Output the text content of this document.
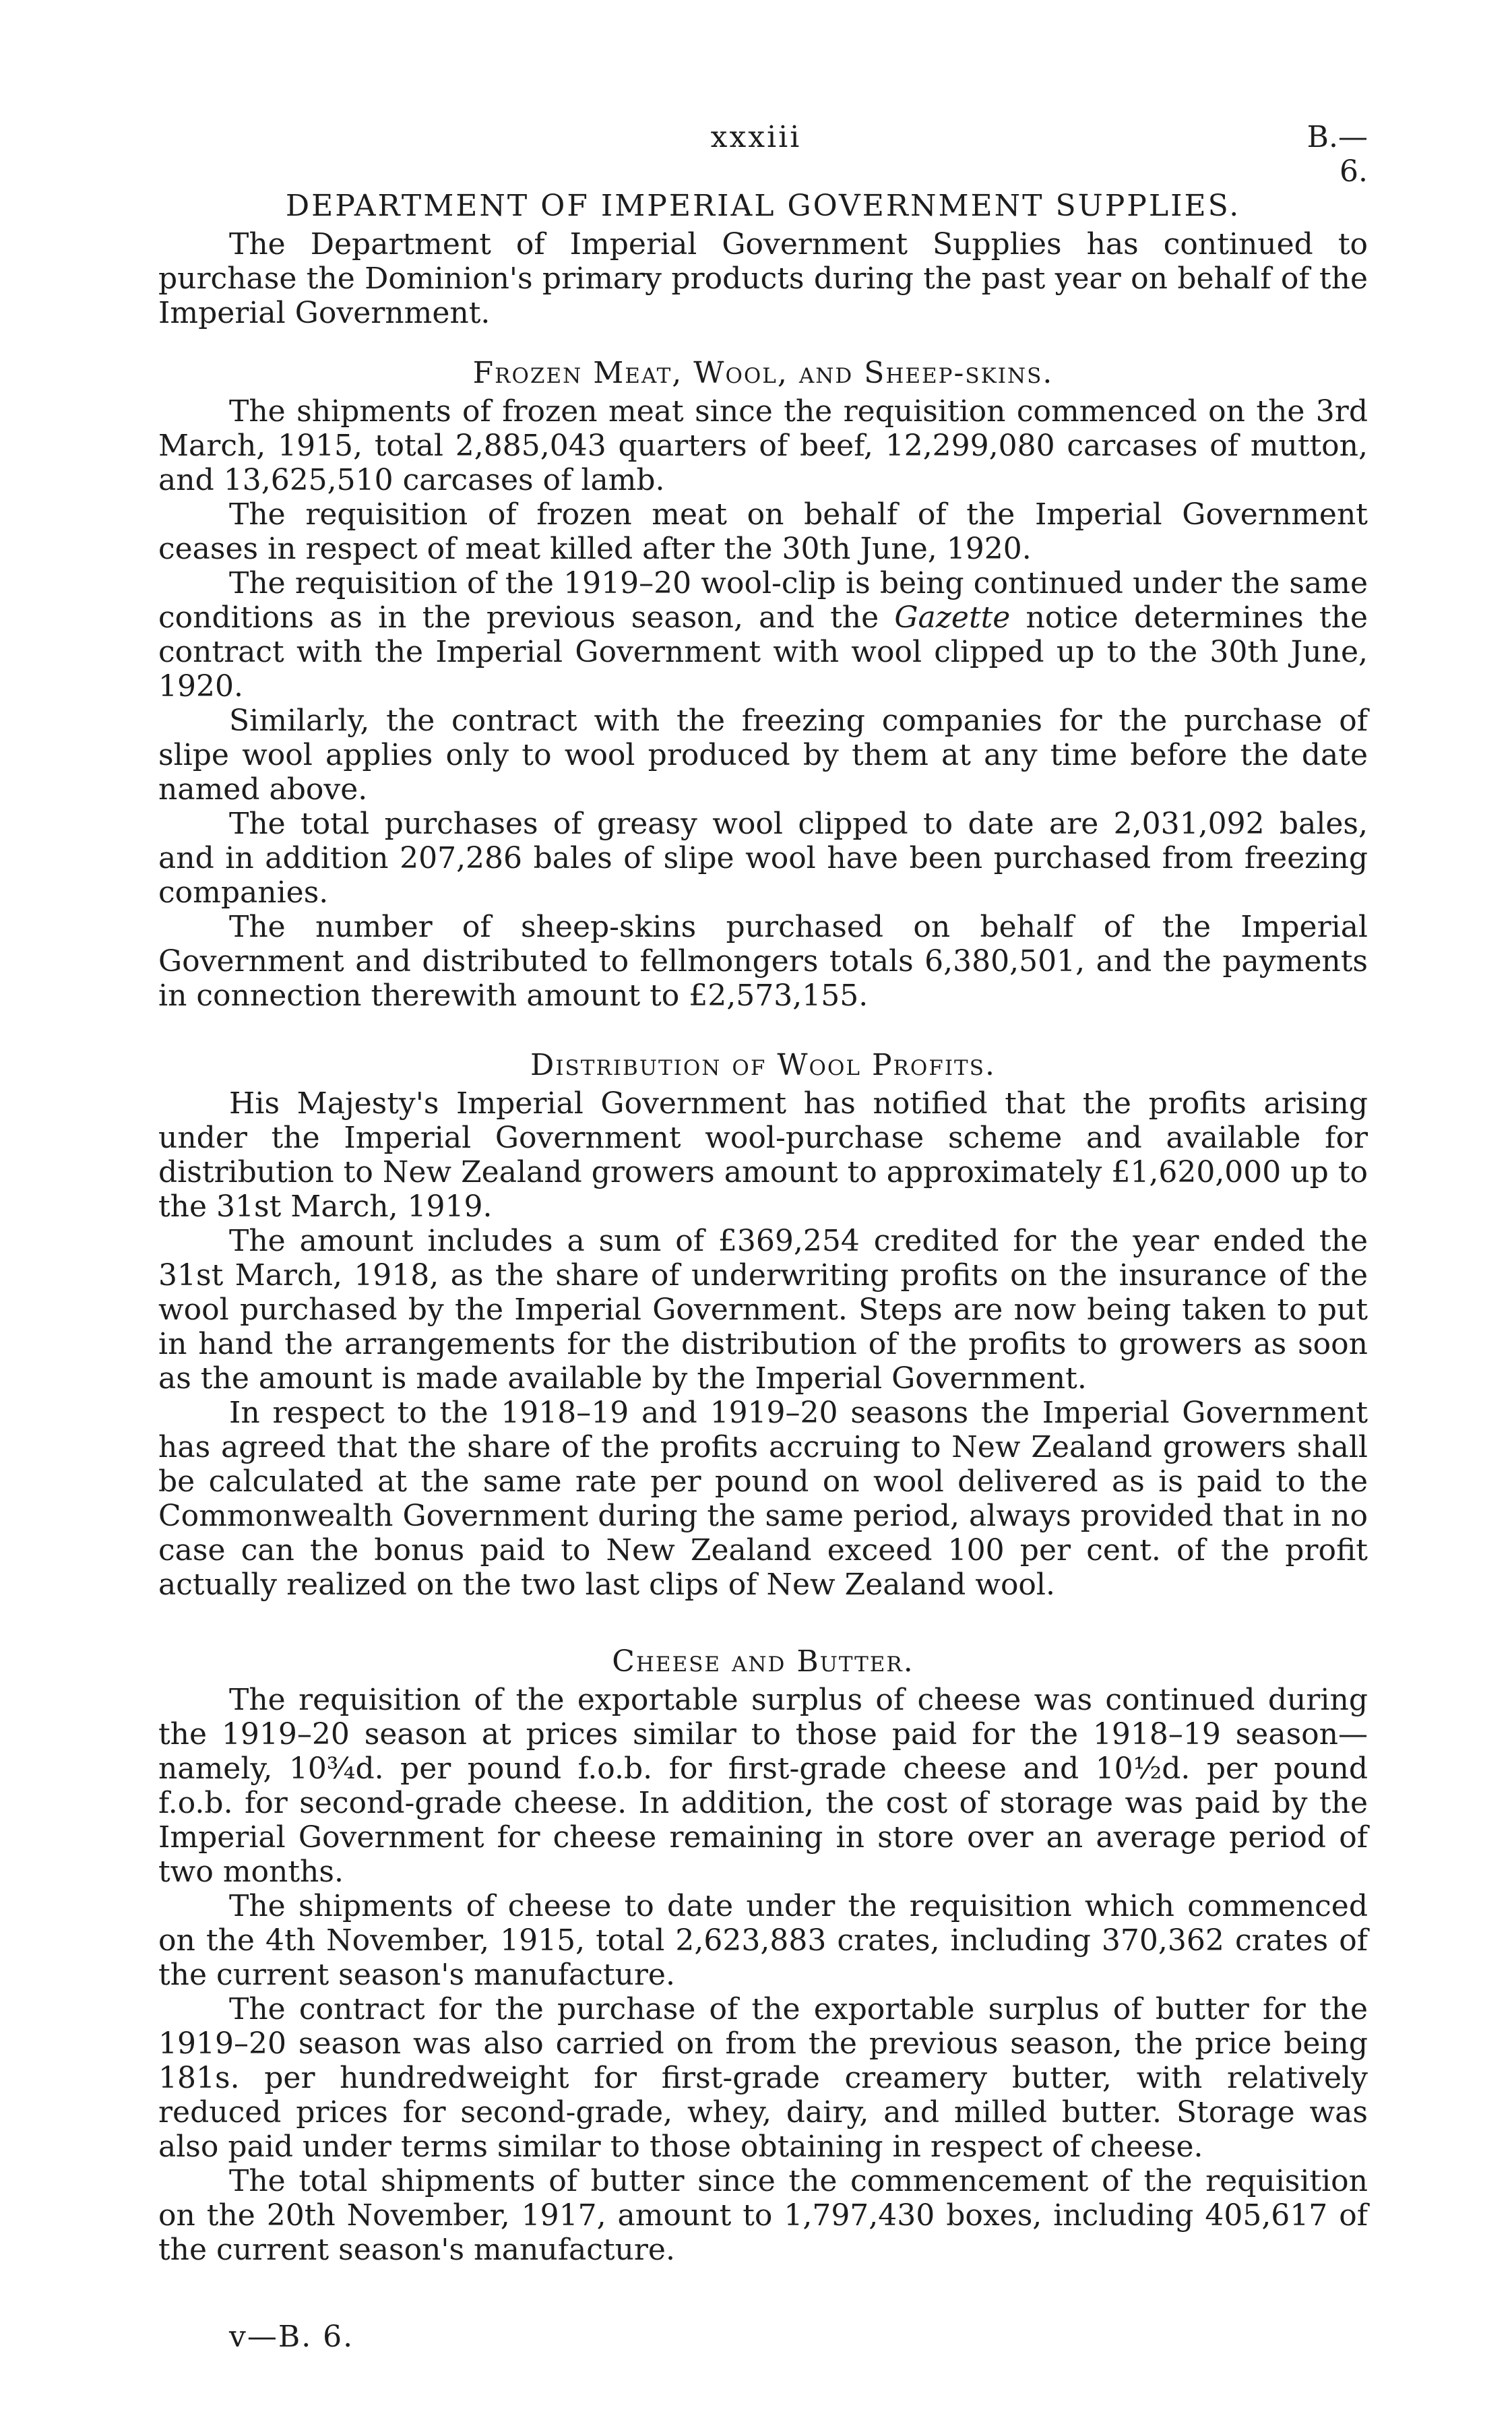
xxxiii	B.—6.
DEPARTMENT OF IMPERIAL GOVERNMENT SUPPLIES.

The Department of Imperial Government Supplies has continued to purchase the Dominion's primary products during the past year on behalf of the Imperial Government.

Frozen Meat, Wool, and Sheep-skins.

The shipments of frozen meat since the requisition commenced on the 3rd March, 1915, total 2,885,043 quarters of beef, 12,299,080 carcases of mutton, and 13,625,510 carcases of lamb.

The requisition of frozen meat on behalf of the Imperial Government ceases in respect of meat killed after the 30th June, 1920.

The requisition of the 1919–20 wool-clip is being continued under the same conditions as in the previous season, and the Gazette notice determines the contract with the Imperial Government with wool clipped up to the 30th June, 1920.

Similarly, the contract with the freezing companies for the purchase of slipe wool applies only to wool produced by them at any time before the date named above.

The total purchases of greasy wool clipped to date are 2,031,092 bales, and in addition 207,286 bales of slipe wool have been purchased from freezing companies.

The number of sheep-skins purchased on behalf of the Imperial Government and distributed to fellmongers totals 6,380,501, and the payments in connection therewith amount to £2,573,155.

Distribution of Wool Profits.

His Majesty's Imperial Government has notified that the profits arising under the Imperial Government wool-purchase scheme and available for distribution to New Zealand growers amount to approximately £1,620,000 up to the 31st March, 1919.

The amount includes a sum of £369,254 credited for the year ended the 31st March, 1918, as the share of underwriting profits on the insurance of the wool purchased by the Imperial Government. Steps are now being taken to put in hand the arrangements for the distribution of the profits to growers as soon as the amount is made available by the Imperial Government.

In respect to the 1918–19 and 1919–20 seasons the Imperial Government has agreed that the share of the profits accruing to New Zealand growers shall be calculated at the same rate per pound on wool delivered as is paid to the Commonwealth Government during the same period, always provided that in no case can the bonus paid to New Zealand exceed 100 per cent. of the profit actually realized on the two last clips of New Zealand wool.

Cheese and Butter.

The requisition of the exportable surplus of cheese was continued during the 1919–20 season at prices similar to those paid for the 1918–19 season—namely, 10¾d. per pound f.o.b. for first-grade cheese and 10½d. per pound f.o.b. for second-grade cheese. In addition, the cost of storage was paid by the Imperial Government for cheese remaining in store over an average period of two months.

The shipments of cheese to date under the requisition which commenced on the 4th November, 1915, total 2,623,883 crates, including 370,362 crates of the current season's manufacture.

The contract for the purchase of the exportable surplus of butter for the 1919–20 season was also carried on from the previous season, the price being 181s. per hundredweight for first-grade creamery butter, with relatively reduced prices for second-grade, whey, dairy, and milled butter. Storage was also paid under terms similar to those obtaining in respect of cheese.

The total shipments of butter since the commencement of the requisition on the 20th November, 1917, amount to 1,797,430 boxes, including 405,617 of the current season's manufacture.

v—B. 6.
